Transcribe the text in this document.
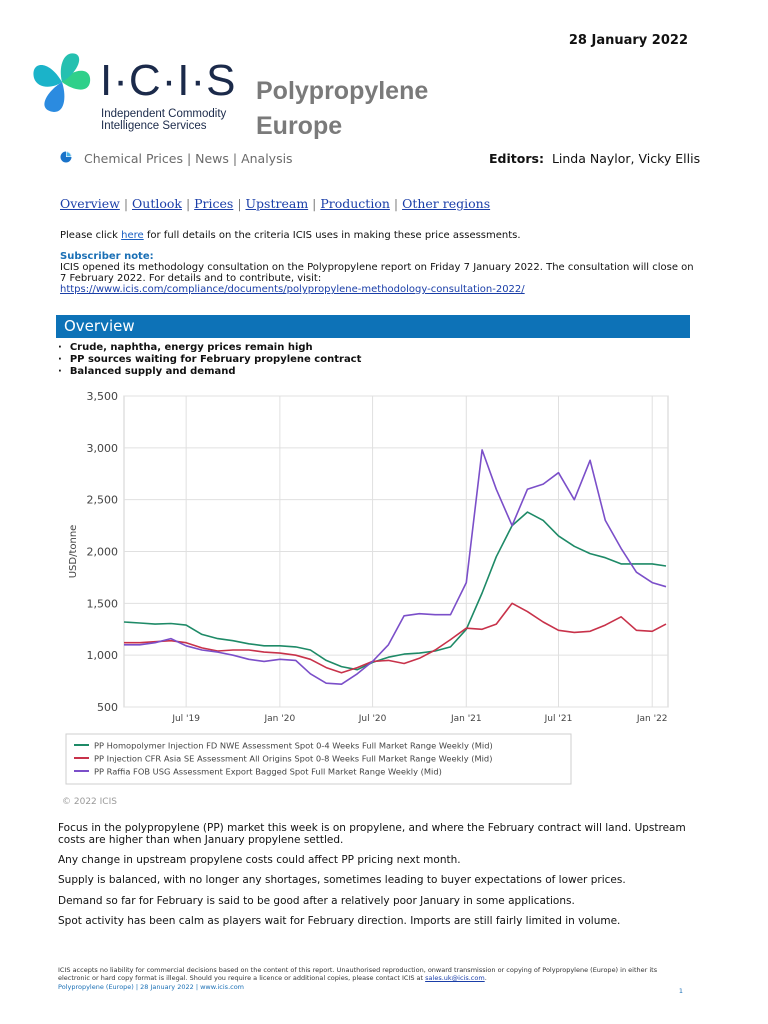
28 January 2022
I·C·I·S
Independent Commodity
Intelligence Services
Polypropylene
Europe
Chemical Prices | News | Analysis	Editors: Linda Naylor, Vicky Ellis
Overview | Outlook | Prices | Upstream | Production | Other regions
Please click here for full details on the criteria ICIS uses in making these price assessments.
Subscriber note:
ICIS opened its methodology consultation on the Polypropylene report on Friday 7 January 2022. The consultation will close on 7 February 2022. For details and to contribute, visit:
https://www.icis.com/compliance/documents/polypropylene-methodology-consultation-2022/
Overview
· Crude, naphtha, energy prices remain high
· PP sources waiting for February propylene contract
· Balanced supply and demand
3,500
3,000
2,500
2,000
1,500
1,000
500
Jul '19	Jan '20	Jul '20	Jan '21	Jul '21	Jan '22
USD/tonne
PP Homopolymer Injection FD NWE Assessment Spot 0-4 Weeks Full Market Range Weekly (Mid)
PP Injection CFR Asia SE Assessment All Origins Spot 0-8 Weeks Full Market Range Weekly (Mid)
PP Raffia FOB USG Assessment Export Bagged Spot Full Market Range Weekly (Mid)
© 2022 ICIS
Focus in the polypropylene (PP) market this week is on propylene, and where the February contract will land. Upstream costs are higher than when January propylene settled.
Any change in upstream propylene costs could affect PP pricing next month.
Supply is balanced, with no longer any shortages, sometimes leading to buyer expectations of lower prices.
Demand so far for February is said to be good after a relatively poor January in some applications.
Spot activity has been calm as players wait for February direction. Imports are still fairly limited in volume.
ICIS accepts no liability for commercial decisions based on the content of this report. Unauthorised reproduction, onward transmission or copying of Polypropylene (Europe) in either its electronic or hard copy format is illegal. Should you require a licence or additional copies, please contact ICIS at sales.uk@icis.com.
Polypropylene (Europe) | 28 January 2022 | www.icis.com	1
